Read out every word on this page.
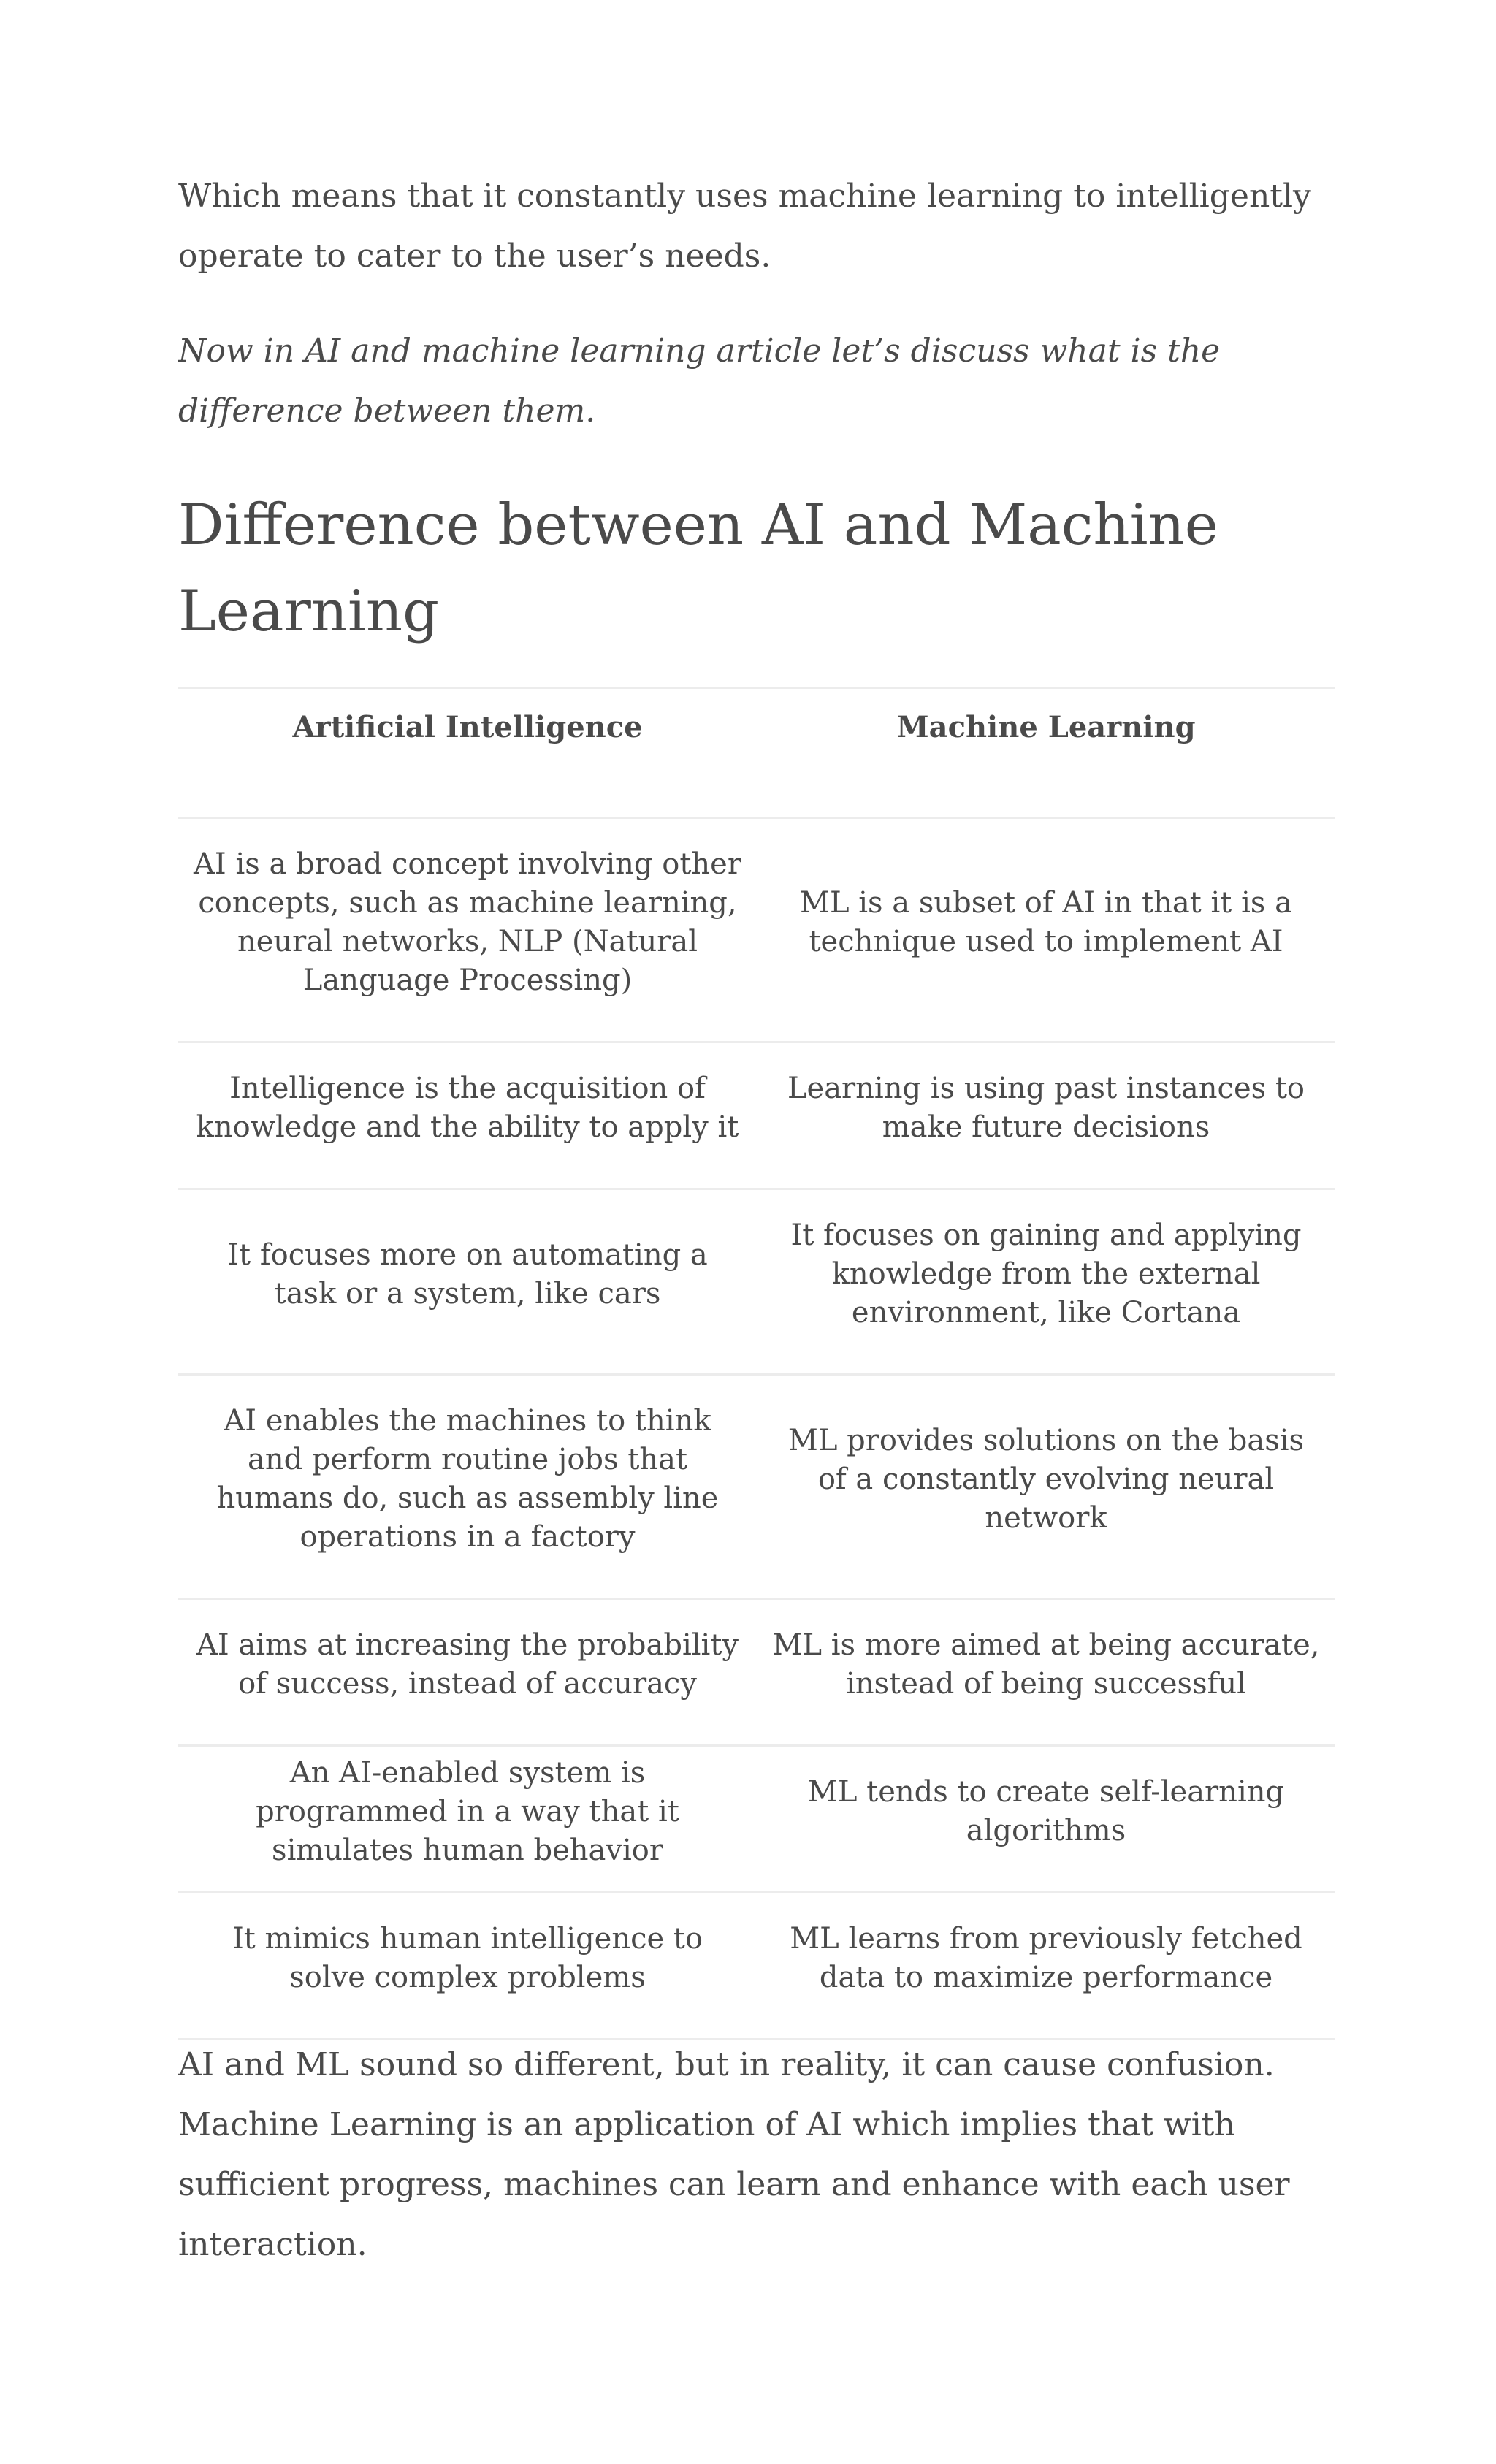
Which means that it constantly uses machine learning to intelligently operate to cater to the user’s needs.

Now in AI and machine learning article let’s discuss what is the difference between them.

Difference between AI and Machine Learning
Artificial Intelligence	Machine Learning
AI is a broad concept involving other concepts, such as machine learning, neural networks, NLP (Natural Language Processing)	ML is a subset of AI in that it is a technique used to implement AI
Intelligence is the acquisition of knowledge and the ability to apply it	Learning is using past instances to make future decisions
It focuses more on automating a task or a system, like cars	It focuses on gaining and applying knowledge from the external environment, like Cortana
AI enables the machines to think and perform routine jobs that humans do, such as assembly line operations in a factory	ML provides solutions on the basis of a constantly evolving neural network
AI aims at increasing the probability of success, instead of accuracy	ML is more aimed at being accurate, instead of being successful
An AI-enabled system is programmed in a way that it simulates human behavior	ML tends to create self-learning algorithms
It mimics human intelligence to solve complex problems	ML learns from previously fetched data to maximize performance

AI and ML sound so different, but in reality, it can cause confusion. Machine Learning is an application of AI which implies that with sufficient progress, machines can learn and enhance with each user interaction.
